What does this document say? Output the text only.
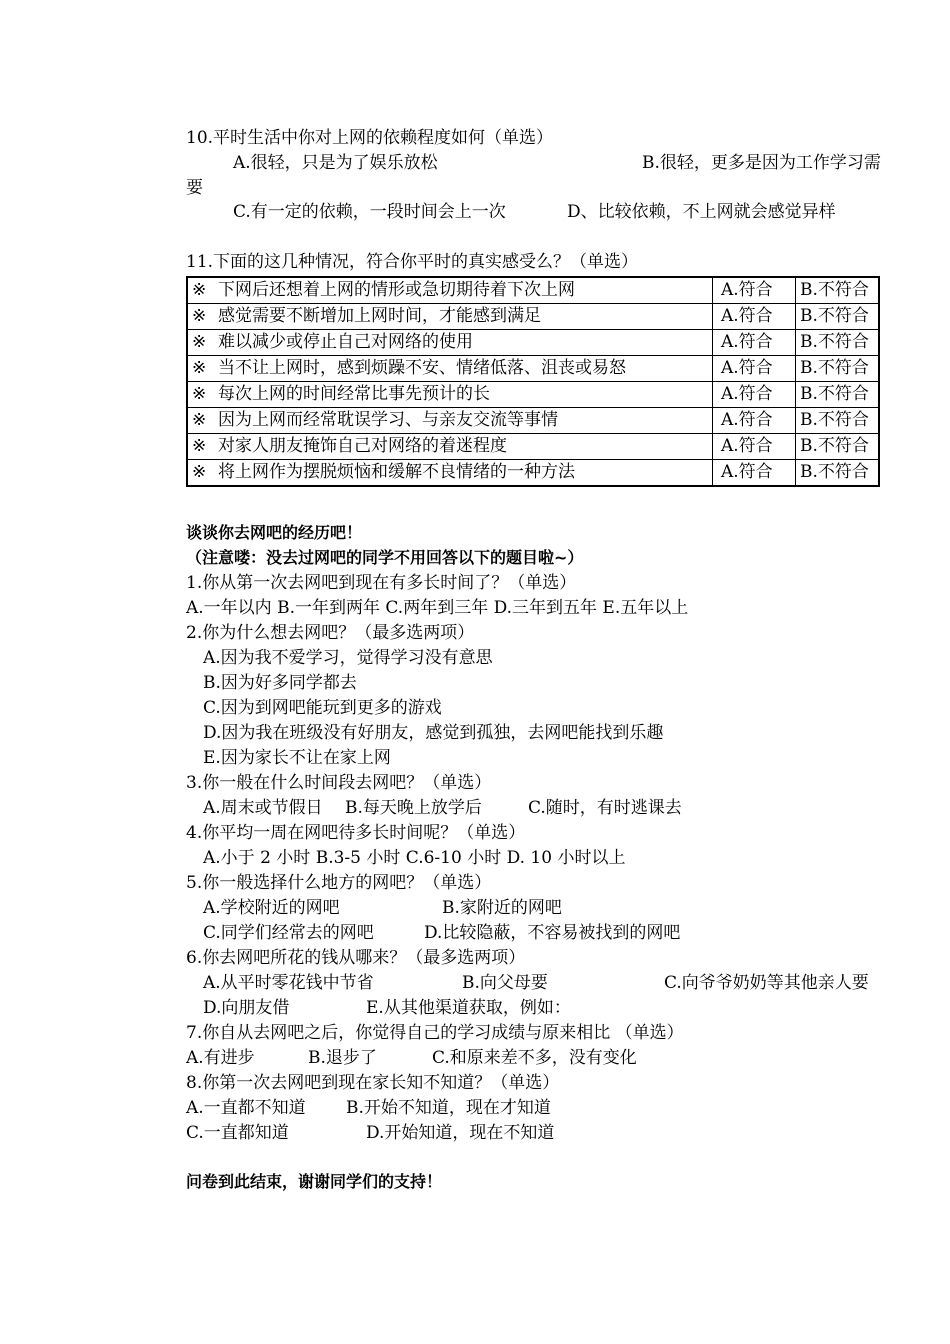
10.平时生活中你对上网的依赖程度如何（单选）
A.很轻，只是为了娱乐放松	B.很轻，更多是因为工作学习需
要
C.有一定的依赖，一段时间会上一次	D、比较依赖，不上网就会感觉异样
11.下面的这几种情况，符合你平时的真实感受么？（单选）
※ 下网后还想着上网的情形或急切期待着下次上网	A.符合	B.不符合
※ 感觉需要不断增加上网时间，才能感到满足	A.符合	B.不符合
※ 难以减少或停止自己对网络的使用	A.符合	B.不符合
※ 当不让上网时，感到烦躁不安、情绪低落、沮丧或易怒	A.符合	B.不符合
※ 每次上网的时间经常比事先预计的长	A.符合	B.不符合
※ 因为上网而经常耽误学习、与亲友交流等事情	A.符合	B.不符合
※ 对家人朋友掩饰自己对网络的着迷程度	A.符合	B.不符合
※ 将上网作为摆脱烦恼和缓解不良情绪的一种方法	A.符合	B.不符合
谈谈你去网吧的经历吧！
（注意喽：没去过网吧的同学不用回答以下的题目啦~）
1.你从第一次去网吧到现在有多长时间了？（单选）
A.一年以内 B.一年到两年 C.两年到三年 D.三年到五年 E.五年以上
2.你为什么想去网吧？（最多选两项）
A.因为我不爱学习，觉得学习没有意思
B.因为好多同学都去
C.因为到网吧能玩到更多的游戏
D.因为我在班级没有好朋友，感觉到孤独，去网吧能找到乐趣
E.因为家长不让在家上网
3.你一般在什么时间段去网吧？（单选）
A.周末或节假日 B.每天晚上放学后	C.随时，有时逃课去
4.你平均一周在网吧待多长时间呢？（单选）
A.小于 2 小时 B.3-5 小时 C.6-10 小时 D. 10 小时以上
5.你一般选择什么地方的网吧？（单选）
A.学校附近的网吧	B.家附近的网吧
C.同学们经常去的网吧	D.比较隐蔽，不容易被找到的网吧
6.你去网吧所花的钱从哪来？（最多选两项）
A.从平时零花钱中节省	B.向父母要	C.向爷爷奶奶等其他亲人要
D.向朋友借	E.从其他渠道获取，例如：
7.你自从去网吧之后，你觉得自己的学习成绩与原来相比 （单选）
A.有进步	B.退步了	C.和原来差不多，没有变化
8.你第一次去网吧到现在家长知不知道？（单选）
A.一直都不知道 B.开始不知道，现在才知道
C.一直都知道	D.开始知道，现在不知道
问卷到此结束，谢谢同学们的支持！
